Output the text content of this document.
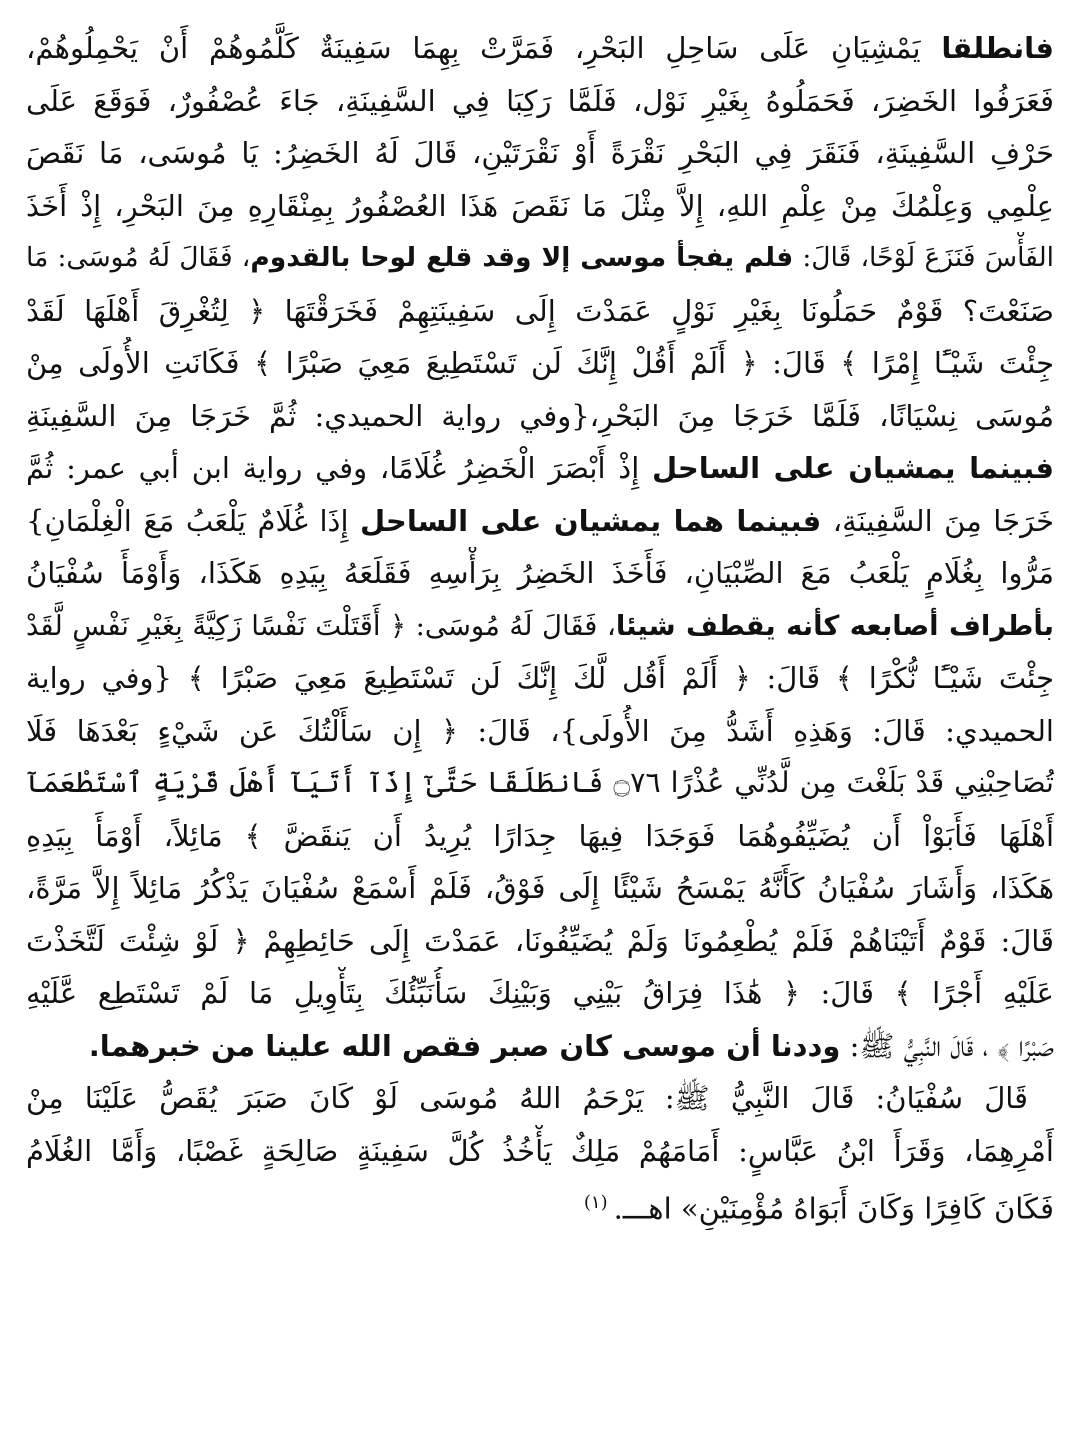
فانطلقا يَمْشِيَانِ عَلَى سَاحِلِ البَحْرِ، فَمَرَّتْ بِهِمَا سَفِينَةٌ كَلَّمُوهُمْ أَنْ يَحْمِلُوهُمْ،
فَعَرَفُوا الخَضِرَ، فَحَمَلُوهُ بِغَيْرِ نَوْل، فَلَمَّا رَكِبَا فِي السَّفِينَةِ، جَاءَ عُصْفُورٌ، فَوَقَعَ عَلَى
حَرْفِ السَّفِينَةِ، فَنَقَرَ فِي البَحْرِ نَقْرَةً أَوْ نَقْرَتَيْنِ، قَالَ لَهُ الخَضِرُ: يَا مُوسَى، مَا نَقَصَ
عِلْمِي وَعِلْمُكَ مِنْ عِلْمِ اللهِ، إِلاَّ مِثْلَ مَا نَقَصَ هَذَا العُصْفُورُ بِمِنْقَارِهِ مِنَ البَحْرِ، إِذْ أَخَذَ
الفَأْسَ فَنَزَعَ لَوْحًا، قَالَ: فلم يفجأ موسى إلا وقد قلع لوحا بالقدوم، فَقَالَ لَهُ مُوسَى: مَا
صَنَعْتَ؟ قَوْمٌ حَمَلُونَا بِغَيْرِ نَوْلٍ عَمَدْتَ إِلَى سَفِينَتِهِمْ فَخَرَقْتَهَا ﴿ لِتُغْرِقَ أَهْلَهَا لَقَدْ
جِئْتَ شَيْـًٔا إِمْرًا ﴾ قَالَ: ﴿ أَلَمْ أَقُلْ إِنَّكَ لَن تَسْتَطِيعَ مَعِيَ صَبْرًا ﴾ فَكَانَتِ الأُولَى مِنْ
مُوسَى نِسْيَانًا، فَلَمَّا خَرَجَا مِنَ البَحْرِ،{وفي رواية الحميدي: ثُمَّ خَرَجَا مِنَ السَّفِينَةِ
فبينما يمشيان على الساحل إِذْ أَبْصَرَ الْخَضِرُ غُلَامًا، وفي رواية ابن أبي عمر: ثُمَّ
خَرَجَا مِنَ السَّفِينَةِ، فبينما هما يمشيان على الساحل إِذَا غُلَامٌ يَلْعَبُ مَعَ الْغِلْمَانِ}
مَرُّوا بِغُلَامٍ يَلْعَبُ مَعَ الصِّبْيَانِ، فَأَخَذَ الخَضِرُ بِرَأْسِهِ فَقَلَعَهُ بِيَدِهِ هَكَذَا، وَأَوْمَأَ سُفْيَانُ
بأطراف أصابعه كأنه يقطف شيئا، فَقَالَ لَهُ مُوسَى: ﴿ أَقَتَلْتَ نَفْسًا زَكِيَّةً بِغَيْرِ نَفْسٍ لَّقَدْ
جِئْتَ شَيْـًٔا نُّكْرًا ﴾ قَالَ: ﴿ أَلَمْ أَقُل لَّكَ إِنَّكَ لَن تَسْتَطِيعَ مَعِيَ صَبْرًا ﴾ {وفي رواية
الحميدي: قَالَ: وَهَذِهِ أَشَدُّ مِنَ الأُولَى}، قَالَ: ﴿ إِن سَأَلْتُكَ عَن شَيْءٍ بَعْدَهَا فَلَا
تُصَاحِبْنِي قَدْ بَلَغْتَ مِن لَّدُنِّي عُذْرًا ۝٧٦ فَانطَلَقَا حَتَّىٰٓ إِذَآ أَتَيَآ أَهْلَ قَرْيَةٍ ٱسْتَطْعَمَآ
أَهْلَهَا فَأَبَوْاْ أَن يُضَيِّفُوهُمَا فَوَجَدَا فِيهَا جِدَارًا يُرِيدُ أَن يَنقَضَّ ﴾ مَائِلاً، أَوْمَأَ بِيَدِهِ
هَكَذَا، وَأَشَارَ سُفْيَانُ كَأَنَّهُ يَمْسَحُ شَيْئًا إِلَى فَوْقُ، فَلَمْ أَسْمَعْ سُفْيَانَ يَذْكُرُ مَائِلاً إِلاَّ مَرَّةً،
قَالَ: قَوْمٌ أَتَيْنَاهُمْ فَلَمْ يُطْعِمُونَا وَلَمْ يُضَيِّفُونَا، عَمَدْتَ إِلَى حَائِطِهِمْ ﴿ لَوْ شِئْتَ لَتَّخَذْتَ
عَلَيْهِ أَجْرًا ﴾ قَالَ: ﴿ هَٰذَا فِرَاقُ بَيْنِي وَبَيْنِكَ سَأُنَبِّئُكَ بِتَأْوِيلِ مَا لَمْ تَسْتَطِع عَّلَيْهِ
صَبْرًا ﴾ ، قَالَ النَّبِيُّ ﷺ: وددنا أن موسى كان صبر فقص الله علينا من خبرهما.
قَالَ سُفْيَانُ: قَالَ النَّبِيُّ ﷺ: يَرْحَمُ اللهُ مُوسَى لَوْ كَانَ صَبَرَ يُقَصُّ عَلَيْنَا مِنْ
أَمْرِهِمَا، وَقَرَأَ ابْنُ عَبَّاسٍ: أَمَامَهُمْ مَلِكٌ يَأْخُذُ كُلَّ سَفِينَةٍ صَالِحَةٍ غَصْبًا، وَأَمَّا الغُلَامُ
فَكَانَ كَافِرًا وَكَانَ أَبَوَاهُ مُؤْمِنَيْنِ» اهـــ.$^{(١)}$
